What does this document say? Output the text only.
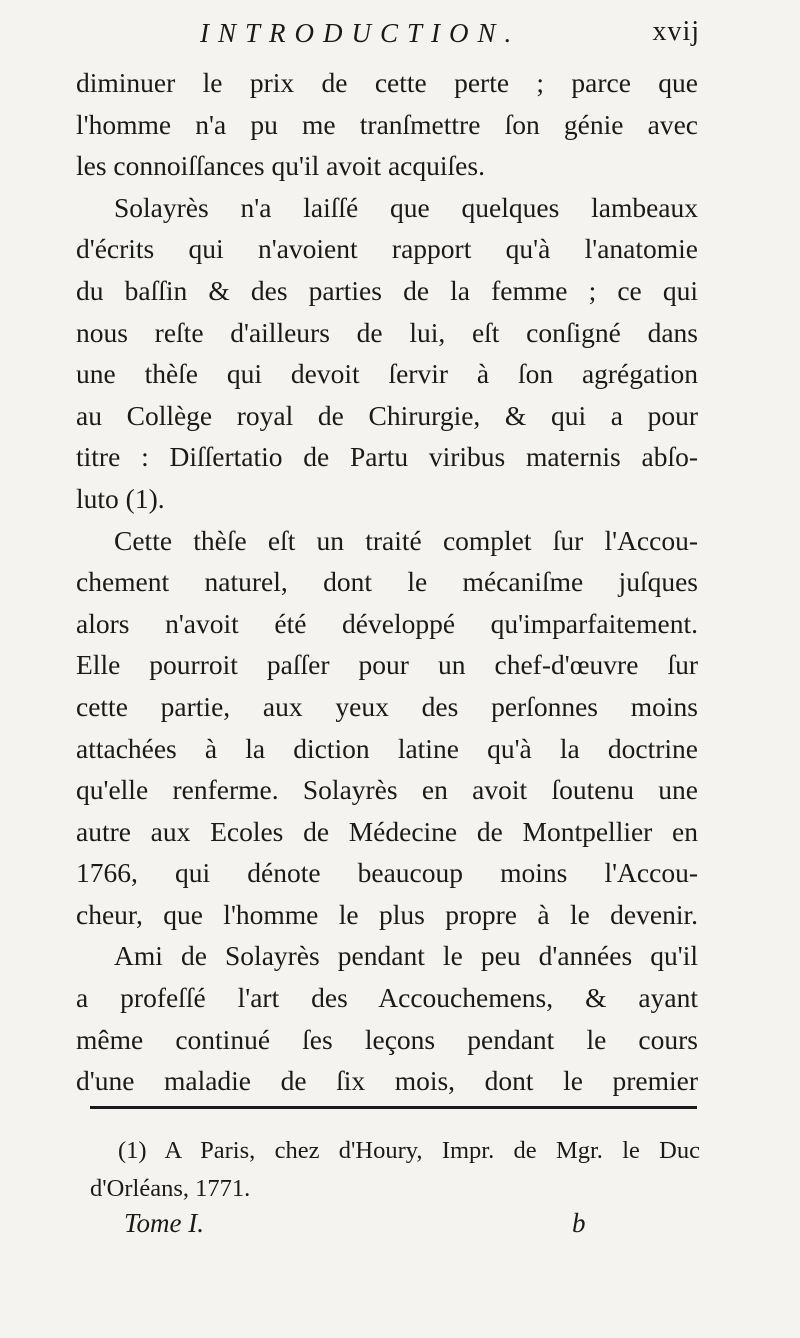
INTRODUCTION.	xvij
diminuer le prix de cette perte ; parce que
l'homme n'a pu me tranſmettre ſon génie avec
les connoiſſances qu'il avoit acquiſes.
Solayrès n'a laiſſé que quelques lambeaux
d'écrits qui n'avoient rapport qu'à l'anatomie
du baſſin & des parties de la femme ; ce qui
nous reſte d'ailleurs de lui, eſt conſigné dans
une thèſe qui devoit ſervir à ſon agrégation
au Collège royal de Chirurgie, & qui a pour
titre : Diſſertatio de Partu viribus maternis abſo-
luto (1).
Cette thèſe eſt un traité complet ſur l'Accou-
chement naturel, dont le mécaniſme juſques
alors n'avoit été développé qu'imparfaitement.
Elle pourroit paſſer pour un chef-d'œuvre ſur
cette partie, aux yeux des perſonnes moins
attachées à la diction latine qu'à la doctrine
qu'elle renferme. Solayrès en avoit ſoutenu une
autre aux Ecoles de Médecine de Montpellier en
1766, qui dénote beaucoup moins l'Accou-
cheur, que l'homme le plus propre à le devenir.
Ami de Solayrès pendant le peu d'années qu'il
a profeſſé l'art des Accouchemens, & ayant
même continué ſes leçons pendant le cours
d'une maladie de ſix mois, dont le premier
(1) A Paris, chez d'Houry, Impr. de Mgr. le Duc
d'Orléans, 1771.
Tome I.	b
